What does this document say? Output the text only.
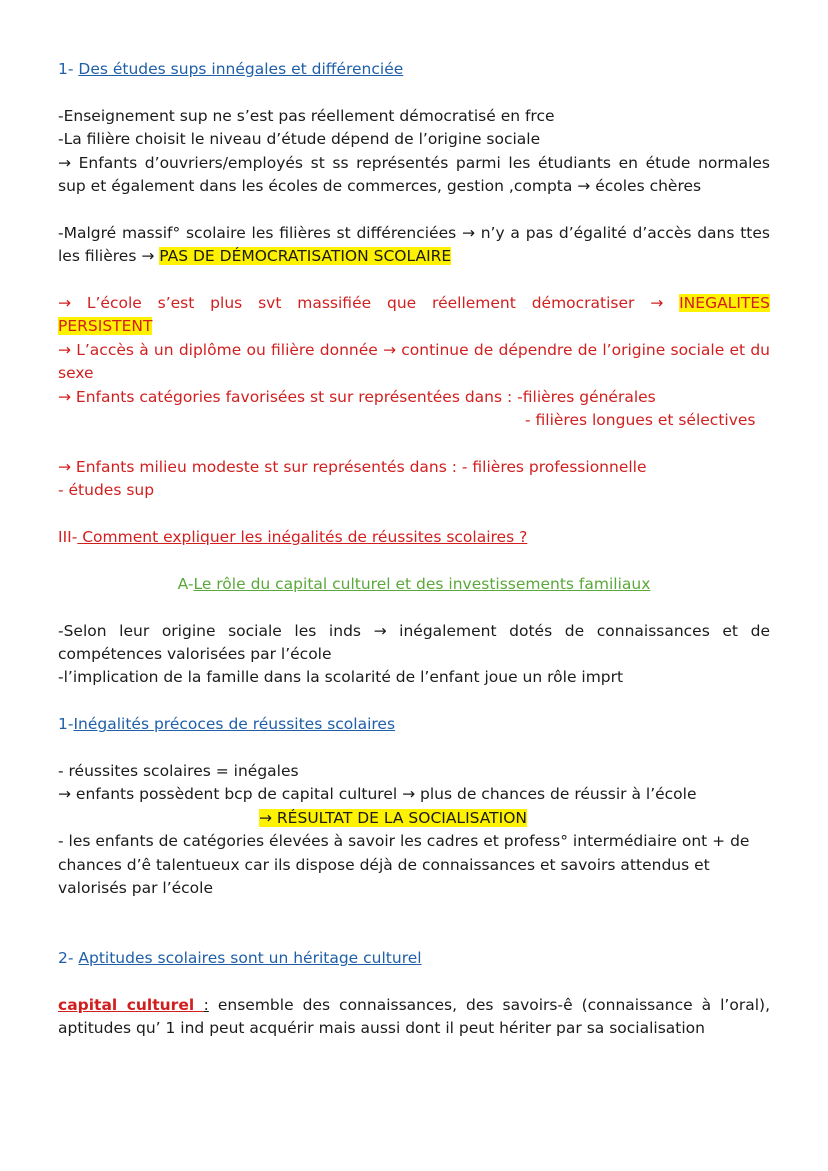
1- Des études sups innégales et différenciée
-Enseignement sup ne s’est pas réellement démocratisé en frce
-La filière choisit le niveau d’étude dépend de l’origine sociale
→ Enfants d’ouvriers/employés st ss représentés parmi les étudiants en étude normales
sup et également dans les écoles de commerces, gestion ,compta → écoles chères
-Malgré massif° scolaire les filières st différenciées → n’y a pas d’égalité d’accès dans ttes
les filières → PAS DE DÉMOCRATISATION SCOLAIRE
→ L’école s’est plus svt massifiée que réellement démocratiser → INEGALITES
PERSISTENT
→ L’accès à un diplôme ou filière donnée → continue de dépendre de l’origine sociale et du
sexe
→ Enfants catégories favorisées st sur représentées dans : -filières générales
- filières longues et sélectives
→ Enfants milieu modeste st sur représentés dans : - filières professionnelle
- études sup
III- Comment expliquer les inégalités de réussites scolaires ?
A-Le rôle du capital culturel et des investissements familiaux
-Selon leur origine sociale les inds → inégalement dotés de connaissances et de
compétences valorisées par l’école
-l’implication de la famille dans la scolarité de l’enfant joue un rôle imprt
1-Inégalités précoces de réussites scolaires
- réussites scolaires = inégales
→ enfants possèdent bcp de capital culturel → plus de chances de réussir à l’école
→ RÉSULTAT DE LA SOCIALISATION
- les enfants de catégories élevées à savoir les cadres et profess° intermédiaire ont + de
chances d’ê talentueux car ils dispose déjà de connaissances et savoirs attendus et
valorisés par l’école
2- Aptitudes scolaires sont un héritage culturel
capital culturel : ensemble des connaissances, des savoirs-ê (connaissance à l’oral),
aptitudes qu’ 1 ind peut acquérir mais aussi dont il peut hériter par sa socialisation
